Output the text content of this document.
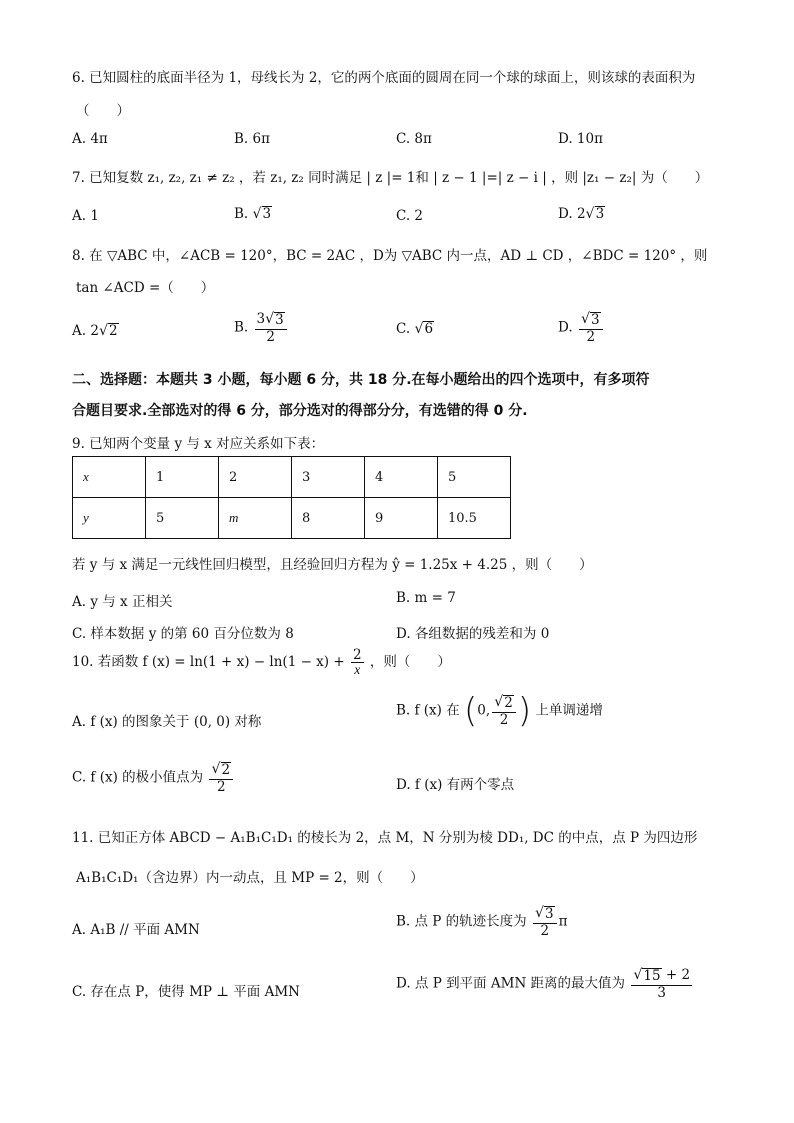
6. 已知圆柱的底面半径为 1，母线长为 2，它的两个底面的圆周在同一个球的球面上，则该球的表面积为
（　　）
A. 4π	B. 6π	C. 8π	D. 10π
7. 已知复数 z₁, z₂, z₁ ≠ z₂ ，若 z₁, z₂ 同时满足 | z |= 1和 | z − 1 |=| z − i | ，则 |z₁ − z₂| 为（　　）
A. 1	B. √ 3	C. 2	D. 2 √ 3
8. 在 ▽ABC 中，∠ACB = 120°，BC = 2AC ，D为 ▽ABC 内一点，AD ⊥ CD ，∠BDC = 120° ，则
tan ∠ACD =（　　）
A. 2 √ 2	B. $\frac{3 √ 3}{2}$	C. √ 6	D. $\frac{√ 3}{2}$
二、选择题：本题共 3 小题，每小题 6 分，共 18 分.在每小题给出的四个选项中，有多项符
合题目要求.全部选对的得 6 分，部分选对的得部分分，有选错的得 0 分.
9. 已知两个变量 y 与 x 对应关系如下表：
x	1	2	3	4	5
y	5	m	8	9	10.5
若 y 与 x 满足一元线性回归模型，且经验回归方程为 ŷ = 1.25x + 4.25 ，则（　　）
A. y 与 x 正相关	B. m = 7
C. 样本数据 y 的第 60 百分位数为 8	D. 各组数据的残差和为 0
10. 若函数 f $(x) = \ln(1 + x) - \ln(1 - x) + \frac{2}{x}$ ，则（　　）
A. f (x) 的图象关于 (0, 0) 对称
B. f (x) 在 (0, $\frac{√ 2}{2}$ ) 上单调递增
C. f (x) 的极小值点为 $\frac{√ 2}{2}$	D. f (x) 有两个零点
11. 已知正方体 ABCD − A₁B₁C₁D₁ 的棱长为 2，点 M，N 分别为棱 DD₁, DC 的中点，点 P 为四边形
A₁B₁C₁D₁（含边界）内一动点，且 MP = 2，则（　　）
A. A₁B // 平面 AMN
B. 点 P 的轨迹长度为 $\frac{√ 3}{2}$ π
C. 存在点 P，使得 MP ⊥ 平面 AMN
D. 点 P 到平面 AMN 距离的最大值为 $\frac{√ 15 + 2}{3}$
